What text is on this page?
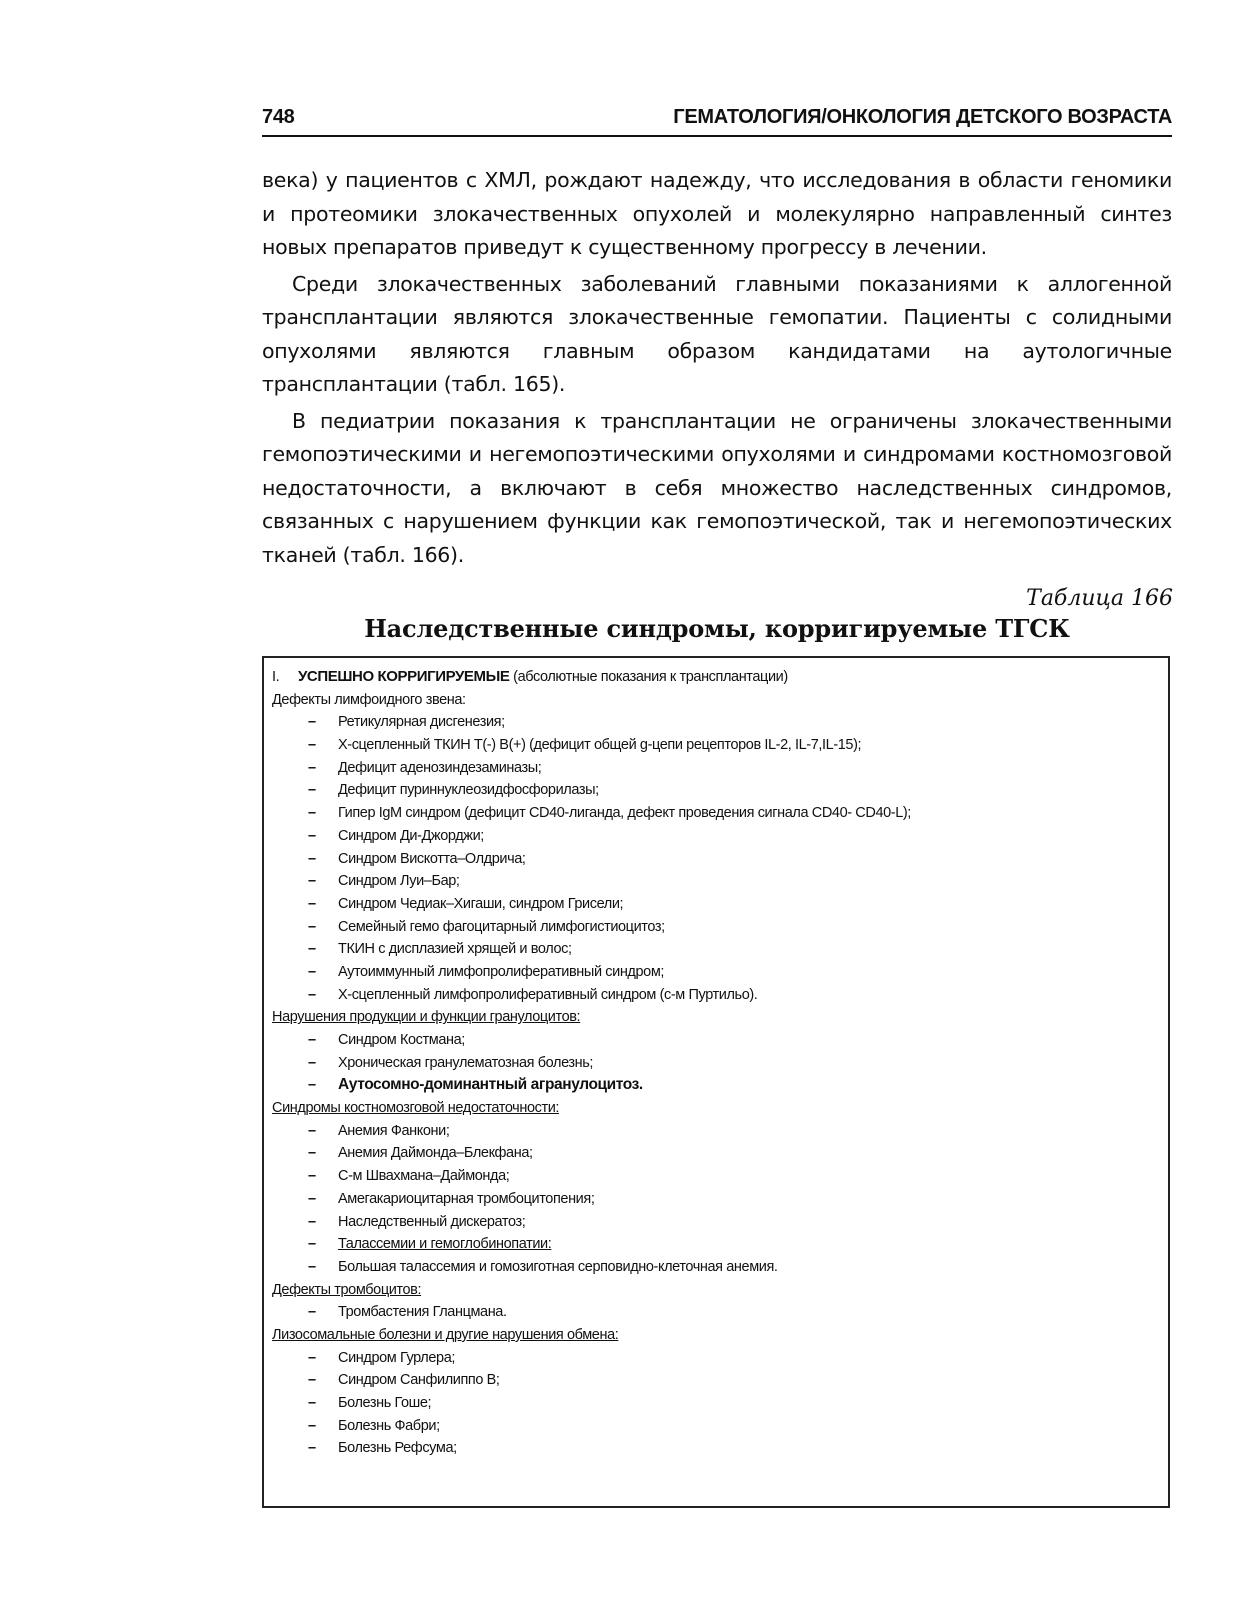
748	ГЕМАТОЛОГИЯ/ОНКОЛОГИЯ ДЕТСКОГО ВОЗРАСТА

века) у пациентов с ХМЛ, рождают надежду, что исследования в области геномики и протеомики злокачественных опухолей и молекулярно направленный синтез новых препаратов приведут к существенному прогрессу в лечении.

Среди злокачественных заболеваний главными показаниями к аллогенной трансплантации являются злокачественные гемопатии. Пациенты с солидными опухолями являются главным образом кандидатами на аутологичные трансплантации (табл. 165).

В педиатрии показания к трансплантации не ограничены злокачественными гемопоэтическими и негемопоэтическими опухолями и синдромами костномозговой недостаточности, а включают в себя множество наследственных синдромов, связанных с нарушением функции как гемопоэтической, так и негемопоэтических тканей (табл. 166).

Таблица 166
Наследственные синдромы, корригируемые ТГСК
I. УСПЕШНО КОРРИГИРУЕМЫЕ (абсолютные показания к трансплантации)
Дефекты лимфоидного звена:
– Ретикулярная дисгенезия;
– X-сцепленный ТКИН Т(-) В(+) (дефицит общей g-цепи рецепторов IL-2, IL-7,IL-15);
– Дефицит аденозиндезаминазы;
– Дефицит пуриннуклеозидфосфорилазы;
– Гипер IgM синдром (дефицит CD40-лиганда, дефект проведения сигнала CD40- CD40-L);
– Синдром Ди-Джорджи;
– Синдром Вискотта–Олдрича;
– Синдром Луи–Бар;
– Синдром Чедиак–Хигаши, синдром Грисели;
– Семейный гемо фагоцитарный лимфогистиоцитоз;
– ТКИН с дисплазией хрящей и волос;
– Аутоиммунный лимфопролиферативный синдром;
– X-сцепленный лимфопролиферативный синдром (с-м Пуртильо).
Нарушения продукции и функции гранулоцитов:
– Синдром Костмана;
– Хроническая гранулематозная болезнь;
– Аутосомно-доминантный агранулоцитоз.
Синдромы костномозговой недостаточности:
– Анемия Фанкони;
– Анемия Даймонда–Блекфана;
– С-м Швахмана–Даймонда;
– Амегакариоцитарная тромбоцитопения;
– Наследственный дискератоз;
– Талассемии и гемоглобинопатии:
– Большая талассемия и гомозиготная серповидно-клеточная анемия.
Дефекты тромбоцитов:
– Тромбастения Гланцмана.
Лизосомальные болезни и другие нарушения обмена:
– Синдром Гурлера;
– Синдром Санфилиппо В;
– Болезнь Гоше;
– Болезнь Фабри;
– Болезнь Рефсума;
